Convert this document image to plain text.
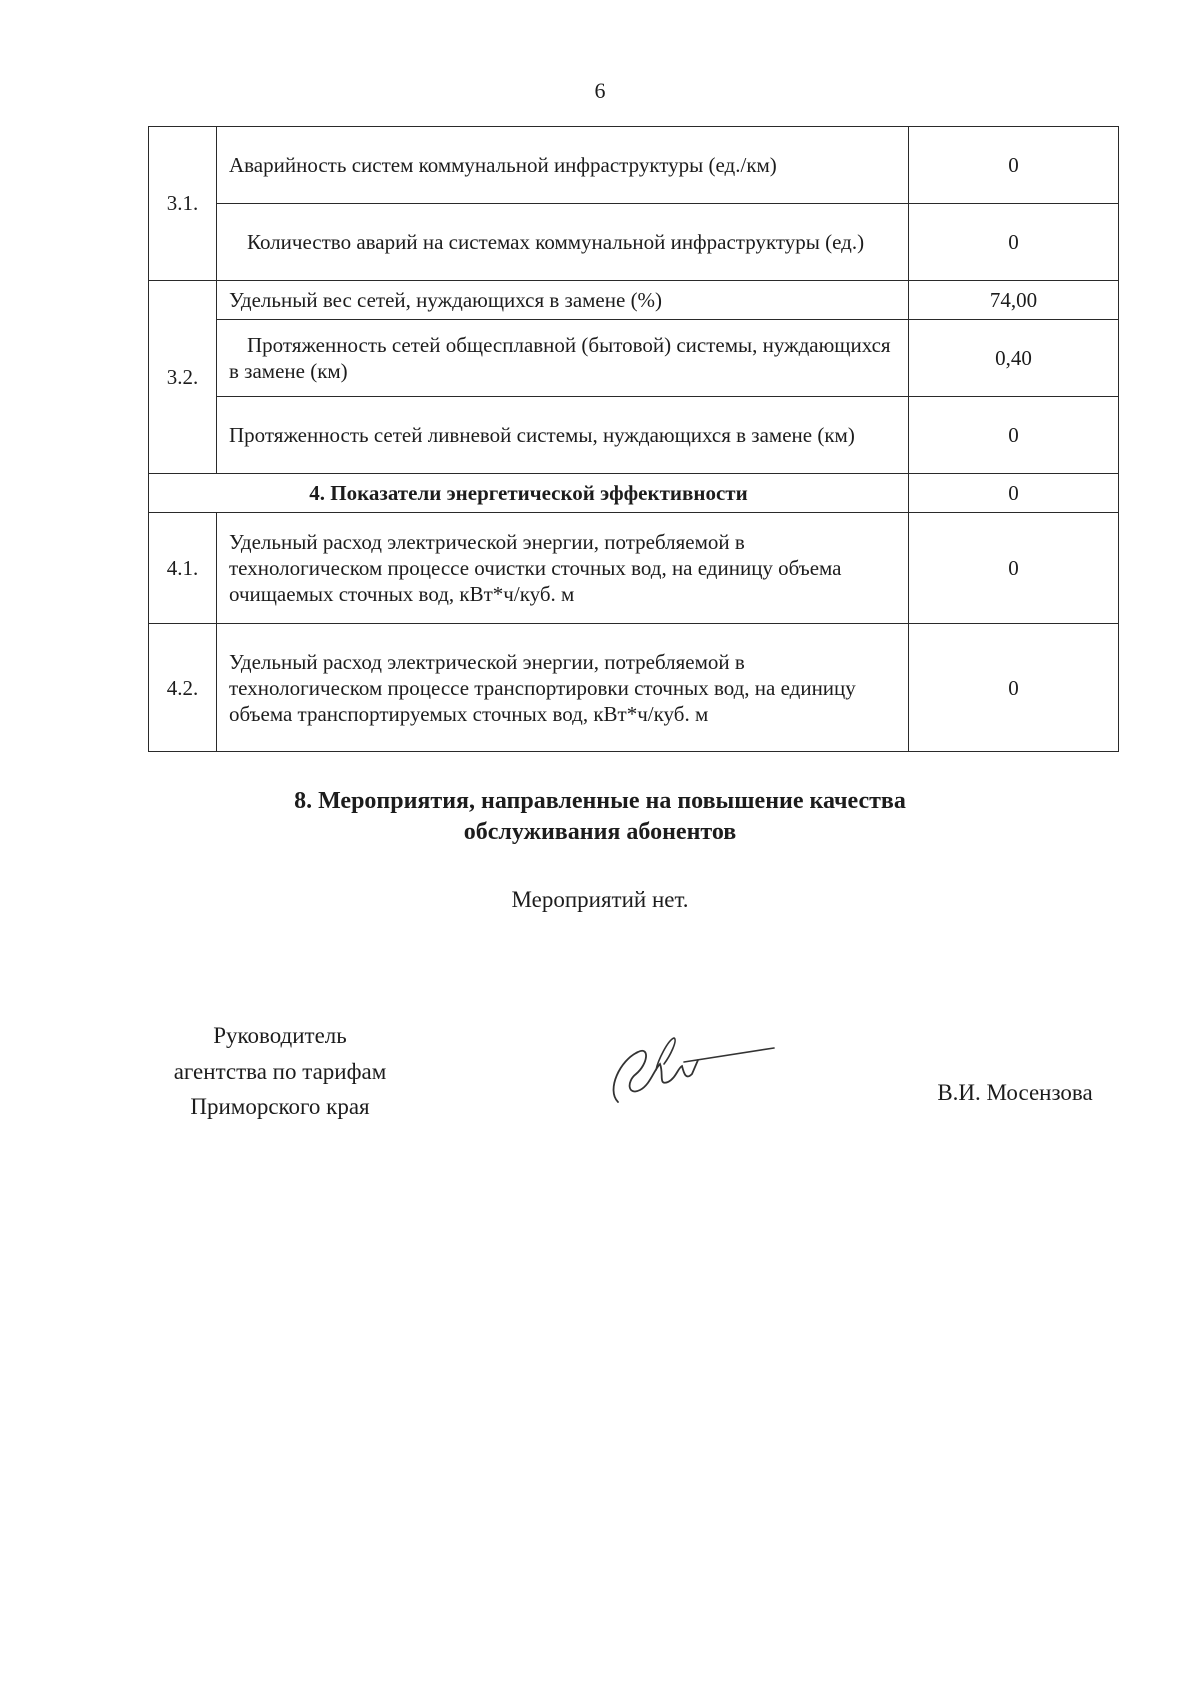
6
3.1.	Аварийность систем коммунальной инфраструктуры (ед./км)	0
	Количество аварий на системах коммунальной инфраструктуры (ед.)	0
3.2.	Удельный вес сетей, нуждающихся в замене (%)	74,00
	Протяженность сетей общесплавной (бытовой) системы, нуждающихся в замене (км)	0,40
	Протяженность сетей ливневой системы, нуждающихся в замене (км)	0
4. Показатели энергетической эффективности		0
4.1.	Удельный расход электрической энергии, потребляемой в технологическом процессе очистки сточных вод, на единицу объема очищаемых сточных вод, кВт*ч/куб. м	0
4.2.	Удельный расход электрической энергии, потребляемой в технологическом процессе транспортировки сточных вод, на единицу объема транспортируемых сточных вод, кВт*ч/куб. м	0
8. Мероприятия, направленные на повышение качества
обслуживания абонентов
Мероприятий нет.
Руководитель
агентства по тарифам
Приморского края
В.И. Мосензова
